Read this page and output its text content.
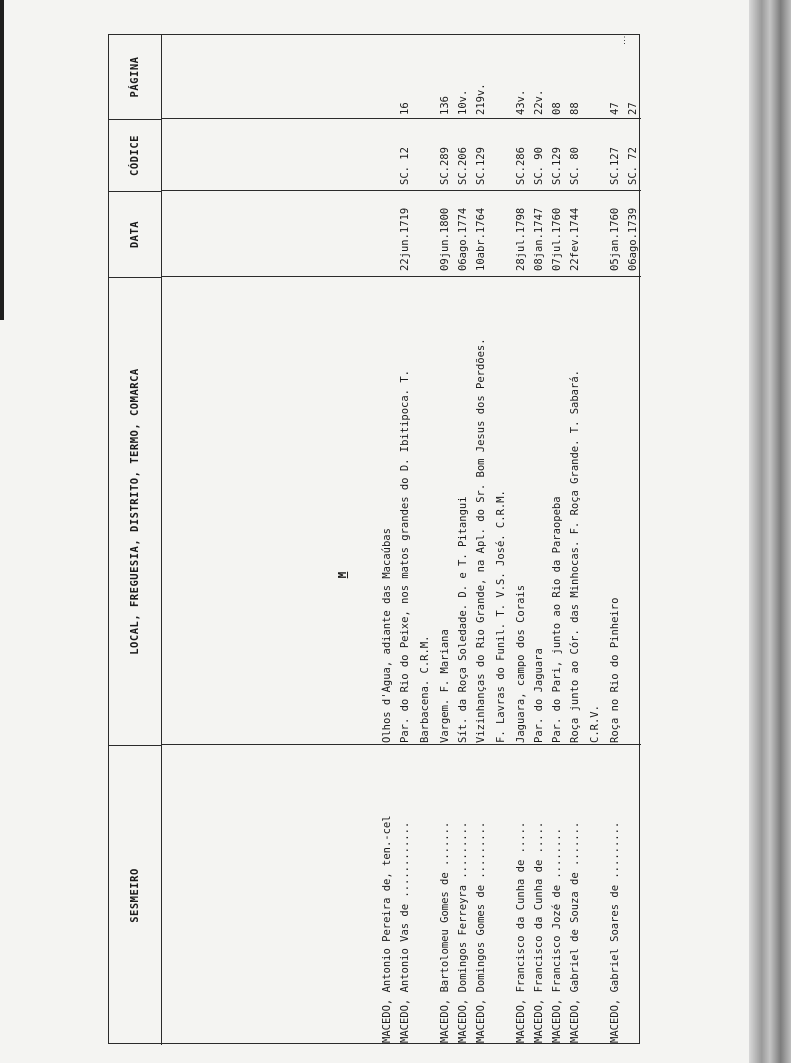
SESMEIRO
LOCAL, FREGUESIA, DISTRITO, TERMO, COMARCA
DATA
CÓDICE
PÁGINA
M
MACEDO, Antonio Pereira de, ten.-cel
Olhos d'Água, adiante das Macaúbas
MACEDO, Antonio Vas de ............
Par. do Rio do Peixe, nos matos grandes do D. Ibitipoca. T.
22jun.1719
SC. 12
16
Barbacena. C.R.M.
MACEDO, Bartolomeu Gomes de .......
Vargem. F. Mariana
09jun.1800
SC.289
136
MACEDO, Domingos Ferreyra .........
Sít. da Roça Soledade. D. e T. Pitangui
06ago.1774
SC.206
10v.
MACEDO, Domingos Gomes de .........
Vizinhanças do Rio Grande, na Apl. do Sr. Bom Jesus dos Perdões.
10abr.1764
SC.129
219v.
F. Lavras do Funil. T. V.S. José. C.R.M.
MACEDO, Francisco da Cunha de .....
Jaguara, campo dos Corais
28jul.1798
SC.286
43v.
MACEDO, Francisco da Cunha de .....
Par. do Jaguara
08jan.1747
SC. 90
22v.
MACEDO, Francisco Jozé de ........
Par. do Pari, junto ao Rio da Paraopeba
07jul.1760
SC.129
08
MACEDO, Gabriel de Souza de .......
Roça junto ao Cór. das Minhocas. F. Roça Grande. T. Sabará.
22fev.1744
SC. 80
88
C.R.V.
MACEDO, Gabriel Soares de .........
Roça no Rio do Pinheiro
05jan.1760
SC.127
47
06ago.1739
SC. 72
27
⋮
